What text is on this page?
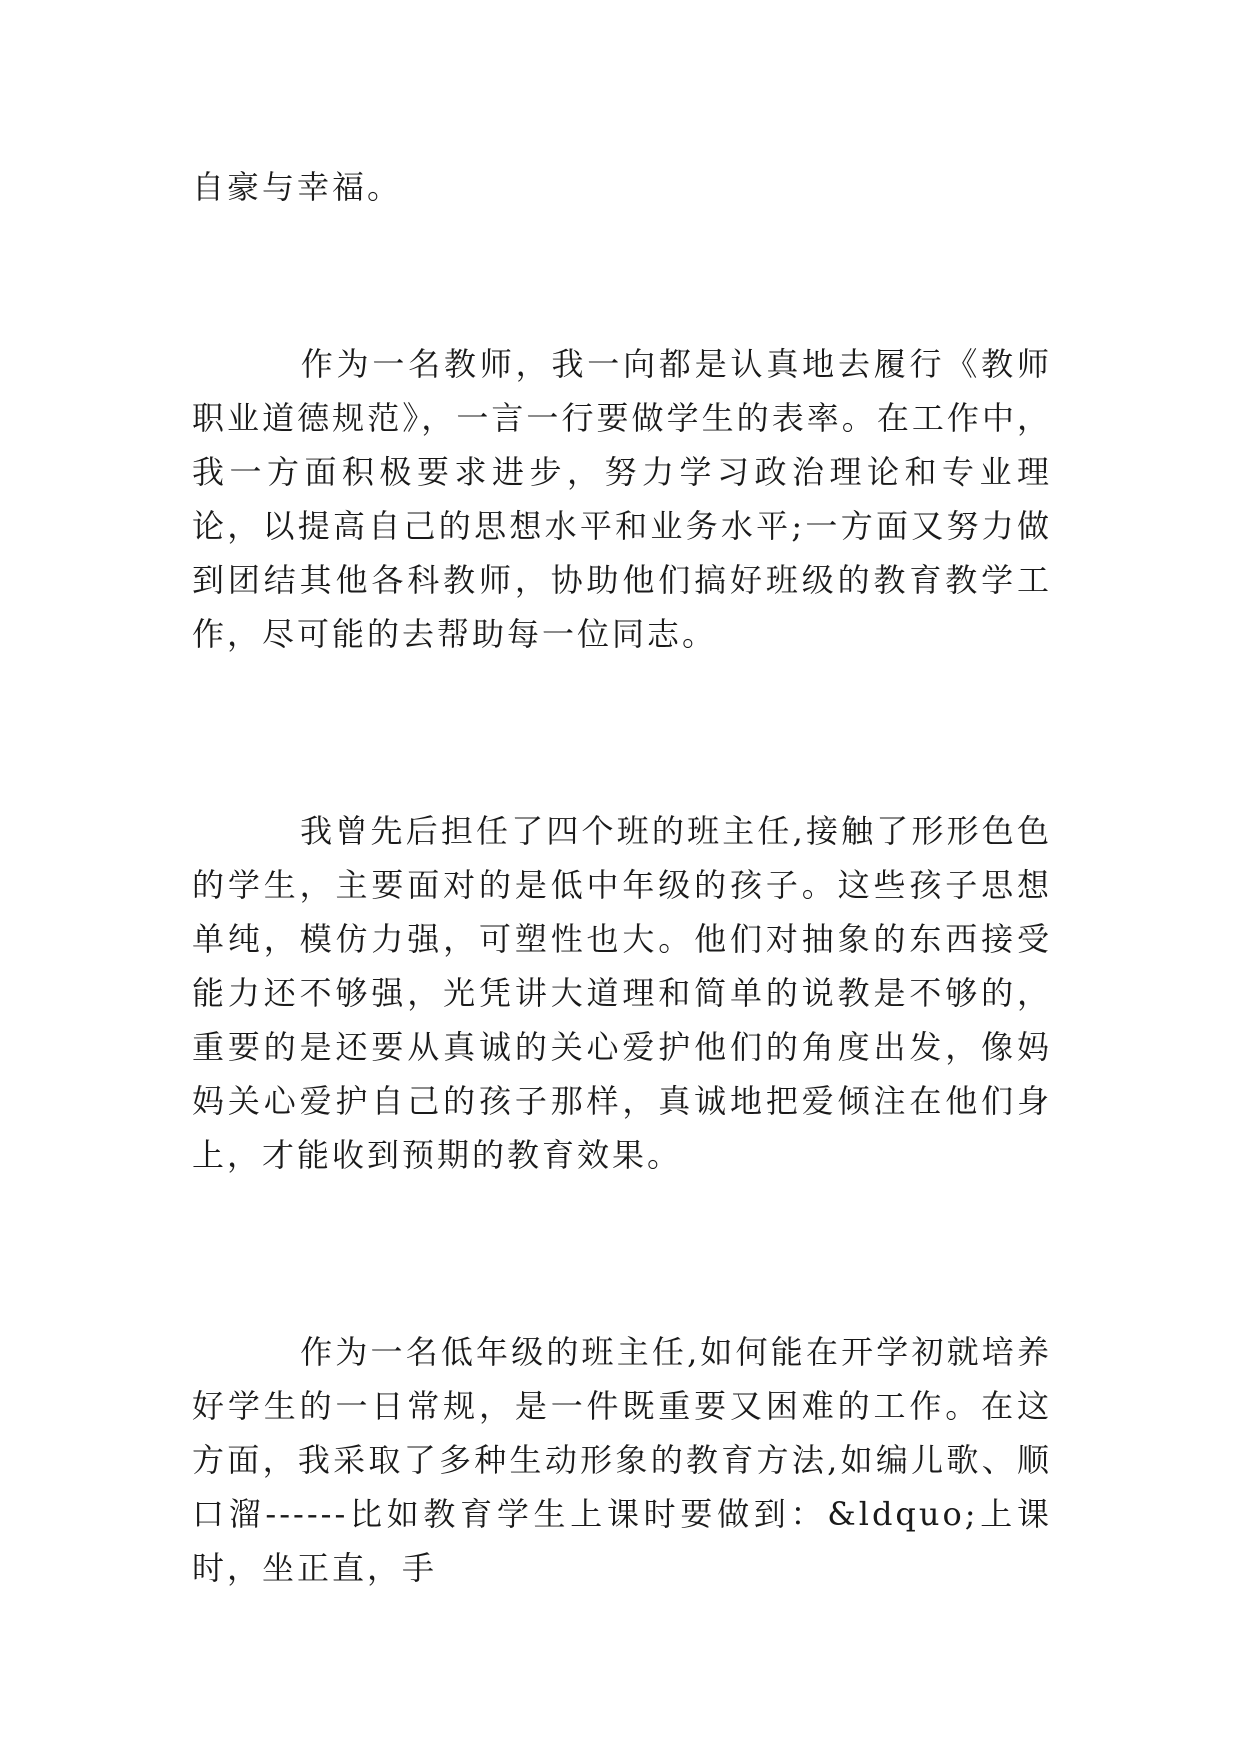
自豪与幸福。

作为一名教师，我一向都是认真地去履行《教师职业道德规范》，一言一行要做学生的表率。在工作中，我一方面积极要求进步，努力学习政治理论和专业理论，以提高自己的思想水平和业务水平;一方面又努力做到团结其他各科教师，协助他们搞好班级的教育教学工作，尽可能的去帮助每一位同志。

我曾先后担任了四个班的班主任,接触了形形色色的学生，主要面对的是低中年级的孩子。这些孩子思想单纯，模仿力强，可塑性也大。他们对抽象的东西接受能力还不够强，光凭讲大道理和简单的说教是不够的，重要的是还要从真诚的关心爱护他们的角度出发，像妈妈关心爱护自己的孩子那样，真诚地把爱倾注在他们身上，才能收到预期的教育效果。

作为一名低年级的班主任,如何能在开学初就培养好学生的一日常规，是一件既重要又困难的工作。在这方面，我采取了多种生动形象的教育方法,如编儿歌、顺口溜------比如教育学生上课时要做到：&ldquo;上课时，坐正直，手
